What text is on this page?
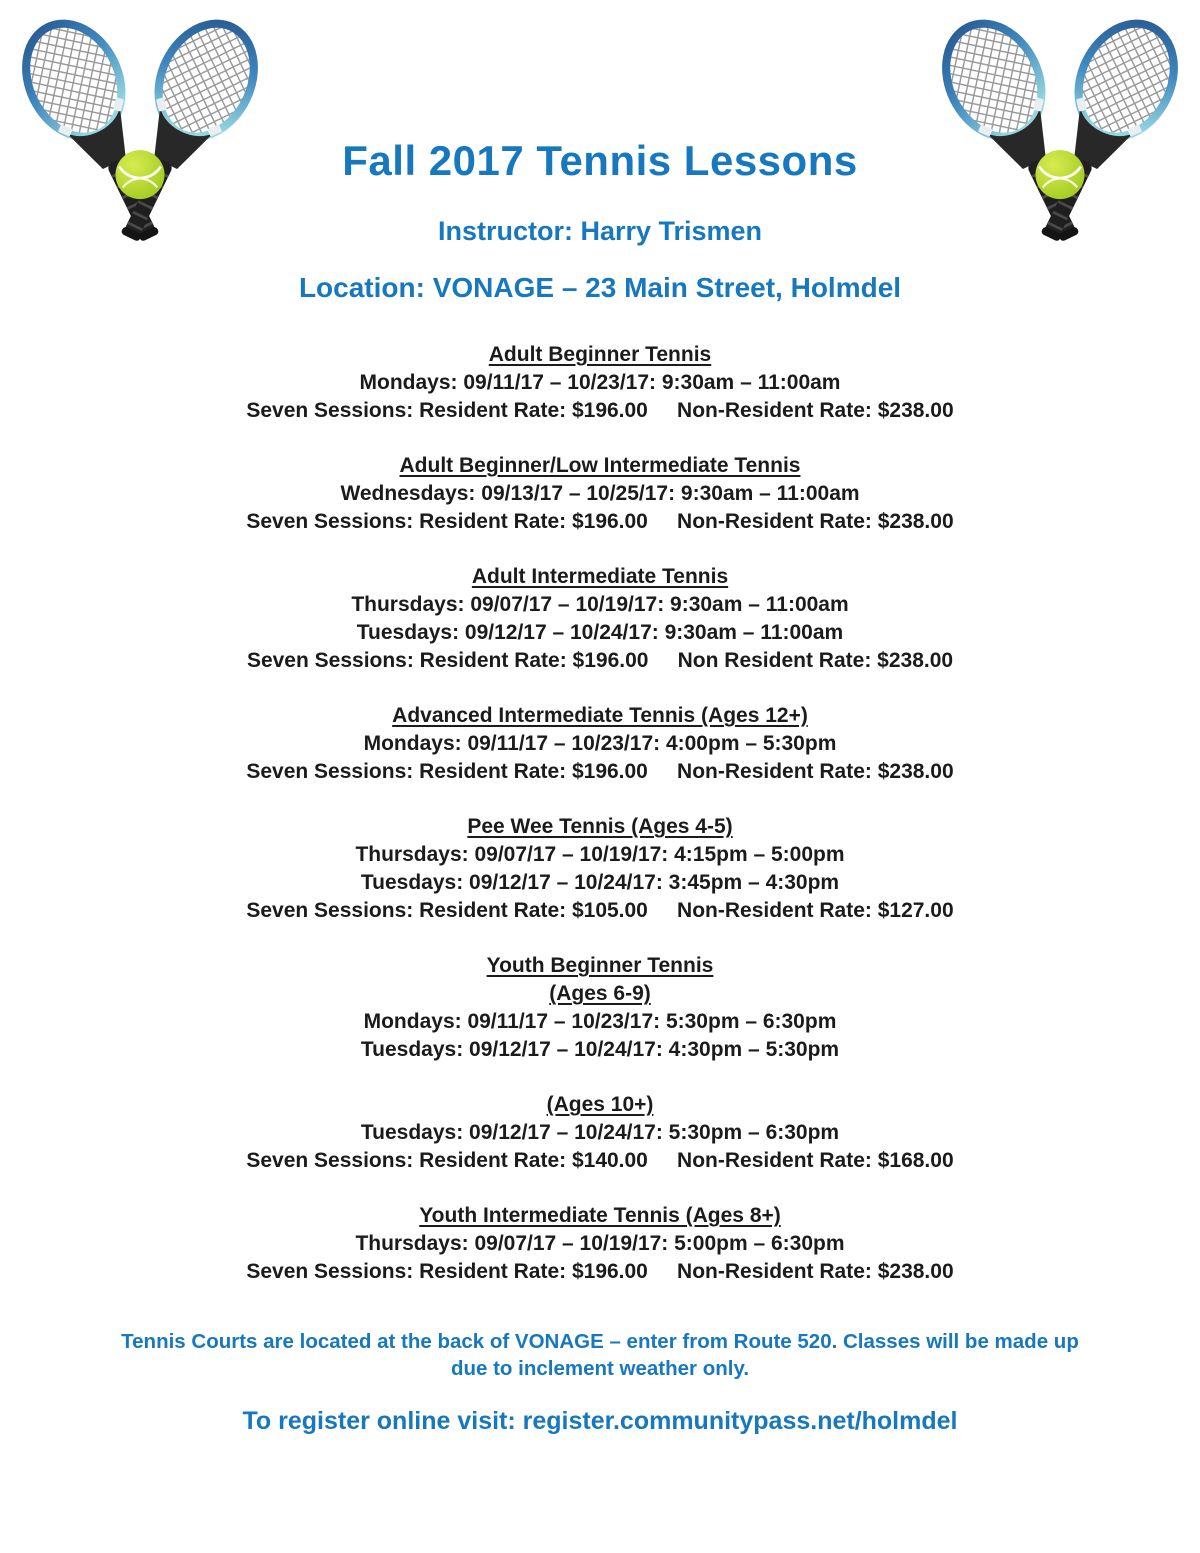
Fall 2017 Tennis Lessons
Instructor: Harry Trismen
Location: VONAGE – 23 Main Street, Holmdel
Adult Beginner Tennis
Mondays: 09/11/17 – 10/23/17: 9:30am – 11:00am
Seven Sessions: Resident Rate: $196.00     Non-Resident Rate: $238.00
Adult Beginner/Low Intermediate Tennis
Wednesdays: 09/13/17 – 10/25/17: 9:30am – 11:00am
Seven Sessions: Resident Rate: $196.00     Non-Resident Rate: $238.00
Adult Intermediate Tennis
Thursdays: 09/07/17 – 10/19/17: 9:30am – 11:00am
Tuesdays: 09/12/17 – 10/24/17: 9:30am – 11:00am
Seven Sessions: Resident Rate: $196.00     Non Resident Rate: $238.00
Advanced Intermediate Tennis (Ages 12+)
Mondays: 09/11/17 – 10/23/17: 4:00pm – 5:30pm
Seven Sessions: Resident Rate: $196.00     Non-Resident Rate: $238.00
Pee Wee Tennis (Ages 4-5)
Thursdays: 09/07/17 – 10/19/17: 4:15pm – 5:00pm
Tuesdays: 09/12/17 – 10/24/17: 3:45pm – 4:30pm
Seven Sessions: Resident Rate: $105.00     Non-Resident Rate: $127.00
Youth Beginner Tennis
(Ages 6-9)
Mondays: 09/11/17 – 10/23/17: 5:30pm – 6:30pm
Tuesdays: 09/12/17 – 10/24/17: 4:30pm – 5:30pm
(Ages 10+)
Tuesdays: 09/12/17 – 10/24/17: 5:30pm – 6:30pm
Seven Sessions: Resident Rate: $140.00     Non-Resident Rate: $168.00
Youth Intermediate Tennis (Ages 8+)
Thursdays: 09/07/17 – 10/19/17: 5:00pm – 6:30pm
Seven Sessions: Resident Rate: $196.00     Non-Resident Rate: $238.00
Tennis Courts are located at the back of VONAGE – enter from Route 520. Classes will be made up due to inclement weather only.
To register online visit: register.communitypass.net/holmdel
